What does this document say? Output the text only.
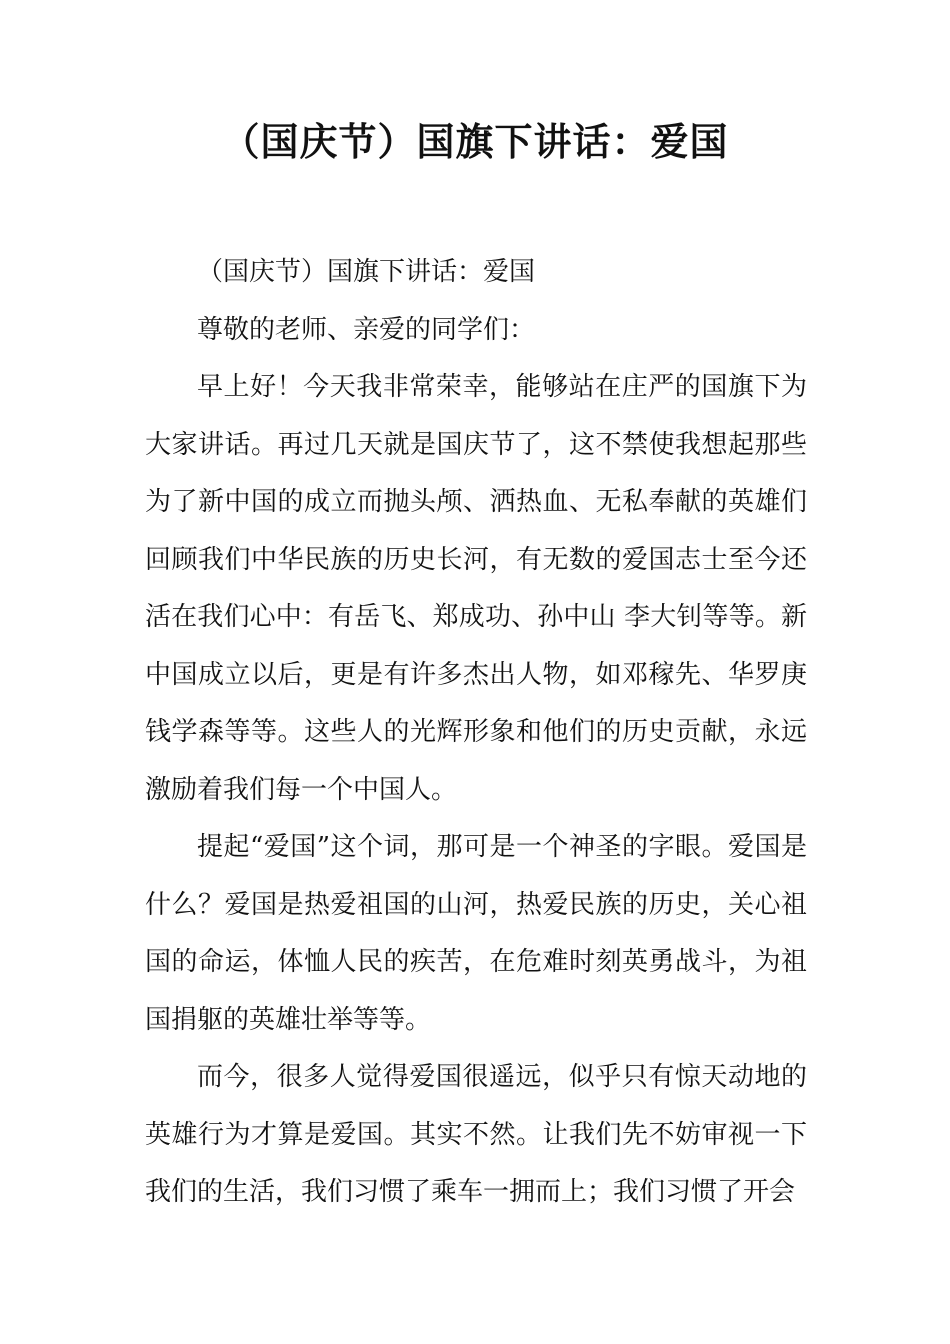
（国庆节）国旗下讲话：爱国

（国庆节）国旗下讲话：爱国

尊敬的老师、亲爱的同学们：

早上好！今天我非常荣幸，能够站在庄严的国旗下为大家讲话。再过几天就是国庆节了，这不禁使我想起那些为了新中国的成立而抛头颅、洒热血、无私奉献的英雄们回顾我们中华民族的历史长河，有无数的爱国志士至今还活在我们心中：有岳飞、郑成功、孙中山 李大钊等等。新中国成立以后，更是有许多杰出人物，如邓稼先、华罗庚钱学森等等。这些人的光辉形象和他们的历史贡献，永远激励着我们每一个中国人。

提起“爱国”这个词，那可是一个神圣的字眼。爱国是什么？爱国是热爱祖国的山河，热爱民族的历史，关心祖国的命运，体恤人民的疾苦，在危难时刻英勇战斗，为祖国捐躯的英雄壮举等等。

而今，很多人觉得爱国很遥远，似乎只有惊天动地的英雄行为才算是爱国。其实不然。让我们先不妨审视一下我们的生活，我们习惯了乘车一拥而上；我们习惯了开会
